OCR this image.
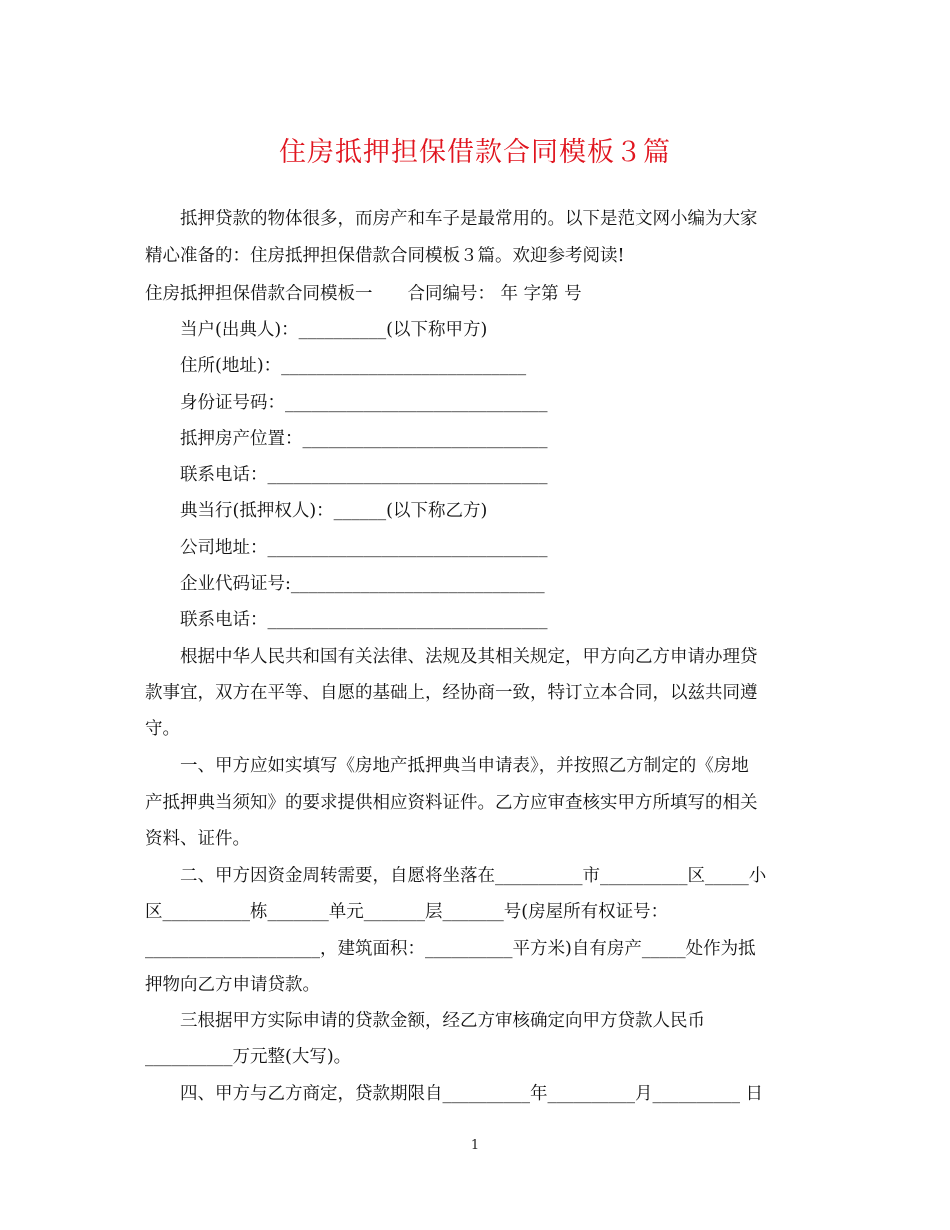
住房抵押担保借款合同模板３篇
抵押贷款的物体很多，而房产和车子是最常用的。以下是范文网小编为大家
精心准备的：住房抵押担保借款合同模板３篇。欢迎参考阅读!
住房抵押担保借款合同模板一　　合同编号： 年 字第 号
当户(出典人)：__________(以下称甲方)
住所(地址)：____________________________
身份证号码：______________________________
抵押房产位置：____________________________
联系电话：________________________________
典当行(抵押权人)：______(以下称乙方)
公司地址：________________________________
企业代码证号:_____________________________
联系电话：________________________________
根据中华人民共和国有关法律、法规及其相关规定，甲方向乙方申请办理贷
款事宜，双方在平等、自愿的基础上，经协商一致，特订立本合同，以兹共同遵
守。
一、甲方应如实填写《房地产抵押典当申请表》，并按照乙方制定的《房地
产抵押典当须知》的要求提供相应资料证件。乙方应审查核实甲方所填写的相关
资料、证件。
二、甲方因资金周转需要，自愿将坐落在__________市__________区_____小
区__________栋_______单元_______层_______号(房屋所有权证号：
____________________，建筑面积：__________平方米)自有房产_____处作为抵
押物向乙方申请贷款。
三根据甲方实际申请的贷款金额，经乙方审核确定向甲方贷款人民币
__________万元整(大写)。
四、甲方与乙方商定，贷款期限自__________年__________月__________ 日
1
